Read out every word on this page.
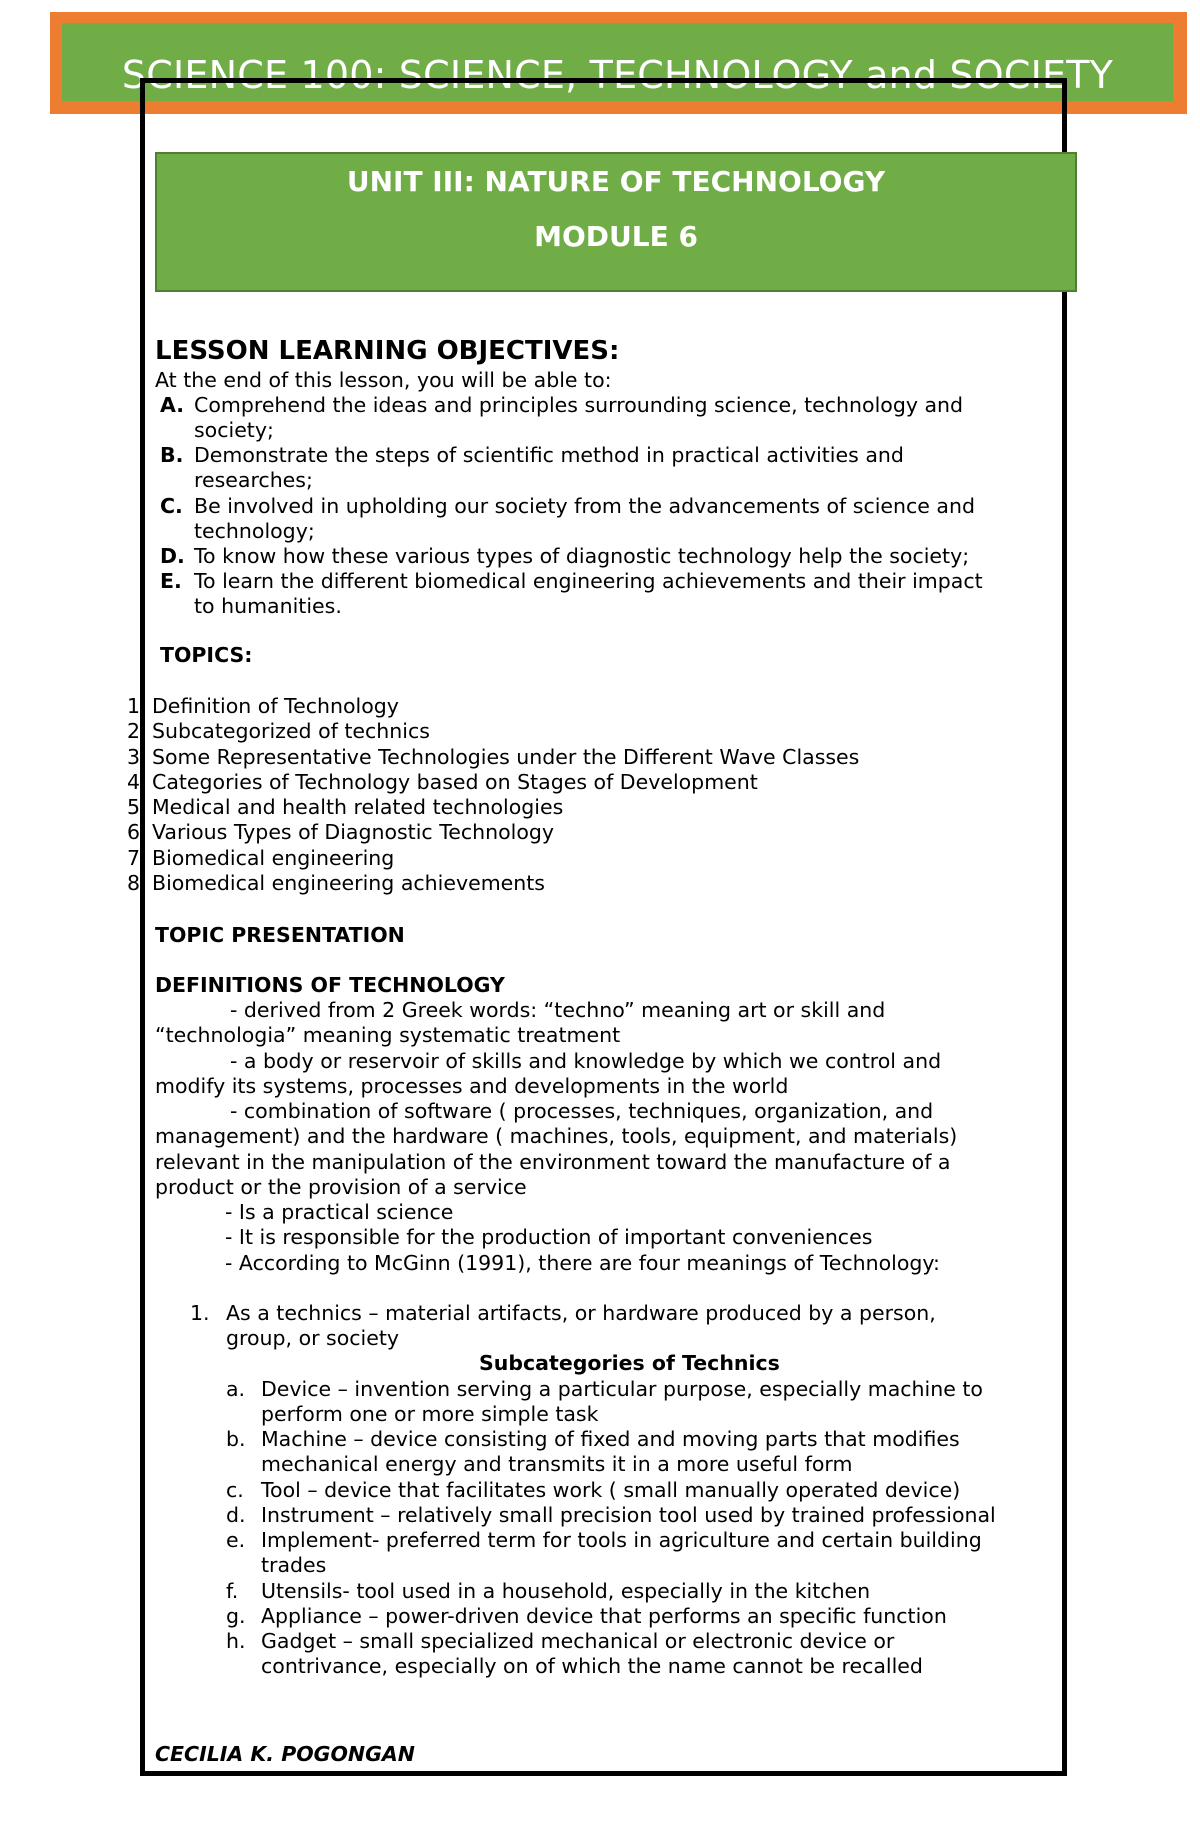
SCIENCE 100: SCIENCE, TECHNOLOGY and SOCIETY
UNIT III: NATURE OF TECHNOLOGY
MODULE 6
LESSON LEARNING OBJECTIVES:
At the end of this lesson, you will be able to:
A. Comprehend the ideas and principles surrounding science, technology and
society;
B. Demonstrate the steps of scientific method in practical activities and
researches;
C. Be involved in upholding our society from the advancements of science and
technology;
D. To know how these various types of diagnostic technology help the society;
E. To learn the different biomedical engineering achievements and their impact
to humanities.
TOPICS:
1 Definition of Technology
2 Subcategorized of technics
3 Some Representative Technologies under the Different Wave Classes
4 Categories of Technology based on Stages of Development
5 Medical and health related technologies
6 Various Types of Diagnostic Technology
7 Biomedical engineering
8 Biomedical engineering achievements
TOPIC PRESENTATION
DEFINITIONS OF TECHNOLOGY
- derived from 2 Greek words: “techno” meaning art or skill and
“technologia” meaning systematic treatment
- a body or reservoir of skills and knowledge by which we control and
modify its systems, processes and developments in the world
- combination of software ( processes, techniques, organization, and
management) and the hardware ( machines, tools, equipment, and materials)
relevant in the manipulation of the environment toward the manufacture of a
product or the provision of a service
- Is a practical science
- It is responsible for the production of important conveniences
- According to McGinn (1991), there are four meanings of Technology:
1. As a technics – material artifacts, or hardware produced by a person,
group, or society
Subcategories of Technics
a. Device – invention serving a particular purpose, especially machine to
perform one or more simple task
b. Machine – device consisting of fixed and moving parts that modifies
mechanical energy and transmits it in a more useful form
c. Tool – device that facilitates work ( small manually operated device)
d. Instrument – relatively small precision tool used by trained professional
e. Implement- preferred term for tools in agriculture and certain building
trades
f. Utensils- tool used in a household, especially in the kitchen
g. Appliance – power-driven device that performs an specific function
h. Gadget – small specialized mechanical or electronic device or
contrivance, especially on of which the name cannot be recalled
CECILIA K. POGONGAN
